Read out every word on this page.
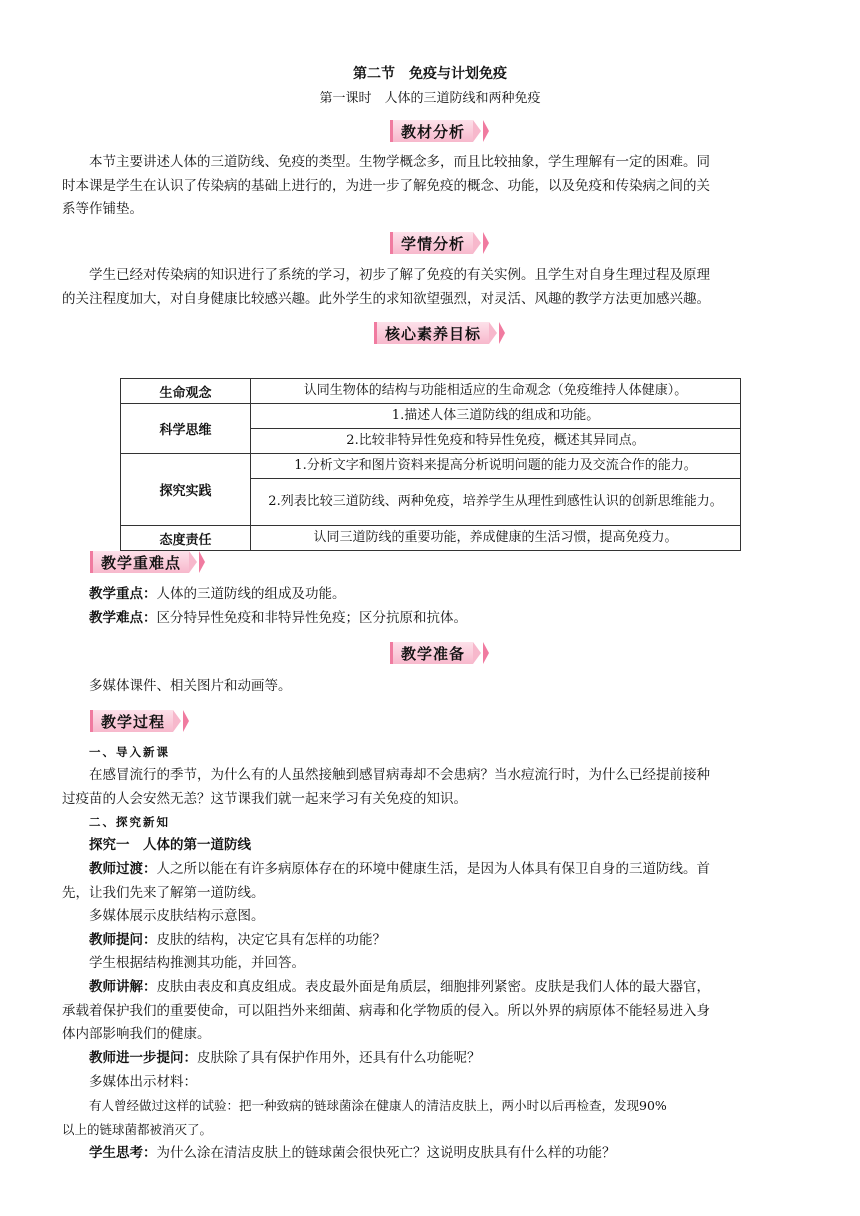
第二节　免疫与计划免疫
第一课时　人体的三道防线和两种免疫
教材分析
本节主要讲述人体的三道防线、免疫的类型。生物学概念多，而且比较抽象，学生理解有一定的困难。同
时本课是学生在认识了传染病的基础上进行的，为进一步了解免疫的概念、功能，以及免疫和传染病之间的关
系等作铺垫。
学情分析
学生已经对传染病的知识进行了系统的学习，初步了解了免疫的有关实例。且学生对自身生理过程及原理
的关注程度加大，对自身健康比较感兴趣。此外学生的求知欲望强烈，对灵活、风趣的教学方法更加感兴趣。
核心素养目标
生命观念	认同生物体的结构与功能相适应的生命观念（免疫维持人体健康）。
科学思维	1.描述人体三道防线的组成和功能。
	2.比较非特异性免疫和特异性免疫，概述其异同点。
探究实践	1.分析文字和图片资料来提高分析说明问题的能力及交流合作的能力。
	2.列表比较三道防线、两种免疫，培养学生从理性到感性认识的创新思维能力。
态度责任	认同三道防线的重要功能，养成健康的生活习惯，提高免疫力。
教学重难点
教学重点：人体的三道防线的组成及功能。
教学难点：区分特异性免疫和非特异性免疫；区分抗原和抗体。
教学准备
多媒体课件、相关图片和动画等。
教学过程
一、导入新课
在感冒流行的季节，为什么有的人虽然接触到感冒病毒却不会患病？当水痘流行时，为什么已经提前接种
过疫苗的人会安然无恙？这节课我们就一起来学习有关免疫的知识。
二、探究新知
探究一　人体的第一道防线
教师过渡：人之所以能在有许多病原体存在的环境中健康生活，是因为人体具有保卫自身的三道防线。首
先，让我们先来了解第一道防线。
多媒体展示皮肤结构示意图。
教师提问：皮肤的结构，决定它具有怎样的功能？
学生根据结构推测其功能，并回答。
教师讲解：皮肤由表皮和真皮组成。表皮最外面是角质层，细胞排列紧密。皮肤是我们人体的最大器官，
承载着保护我们的重要使命，可以阻挡外来细菌、病毒和化学物质的侵入。所以外界的病原体不能轻易进入身
体内部影响我们的健康。
教师进一步提问：皮肤除了具有保护作用外，还具有什么功能呢？
多媒体出示材料：
有人曾经做过这样的试验：把一种致病的链球菌涂在健康人的清洁皮肤上，两小时以后再检查，发现90%
以上的链球菌都被消灭了。
学生思考：为什么涂在清洁皮肤上的链球菌会很快死亡？这说明皮肤具有什么样的功能？
